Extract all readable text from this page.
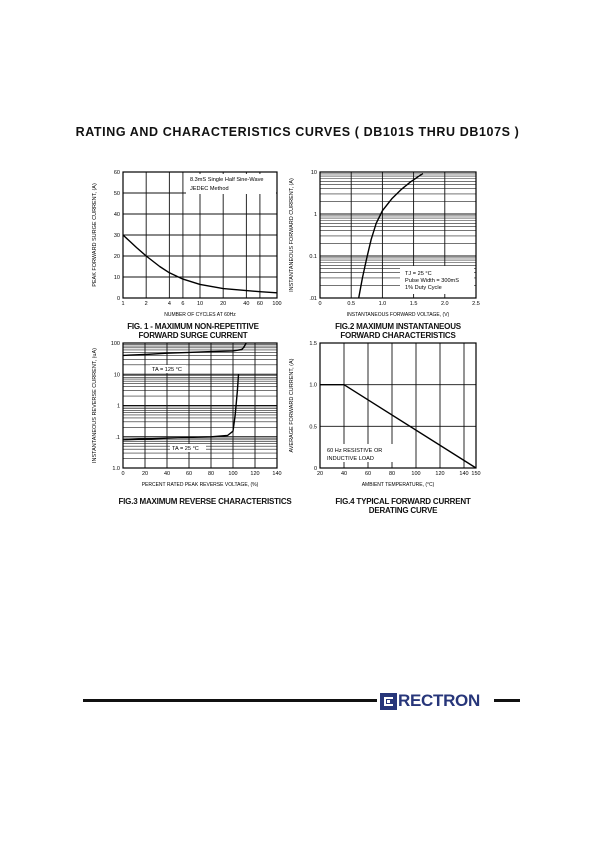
RATING AND CHARACTERISTICS CURVES ( DB101S THRU DB107S )
1	2	4 6 10	20	40 60 100
0
10
20
30
40
50
60
NUMBER OF CYCLES AT 60Hz
PEAK FORWARD SURGE CURRENT, (A)
8.3mS Single Half Sine-Wave
JEDEC Method
0	0.5	1.0	1.5	2.0	2.5
.01
0.1
1
10
INSTANTANEOUS FORWARD VOLTAGE, (V)
INSTANTANEOUS FORWARD CURRENT, (A)	TJ = 25 °C
Pulse Width = 300mS
1% Duty Cycle
0	20	40	60	80	100 120 140
1.0
.1
1
10
100
PERCENT RATED PEAK REVERSE VOLTAGE, (%)
INSTANTANEOUS REVERSE CURRENT, (uA)	TA = 125 °C
TA = 25 °C
20	40	60	80	100	120	140 150
0
0.5
1.0
1.5
AMBIENT TEMPERATURE, (°C)
AVERAGE FORWARD CURRENT, (A)	60 Hz RESISTIVE OR
INDUCTIVE LOAD
FIG. 1 - MAXIMUM NON-REPETITIVE
FORWARD SURGE CURRENT
FIG.2 MAXIMUM INSTANTANEOUS
FORWARD CHARACTERISTICS
FIG.3 MAXIMUM REVERSE CHARACTERISTICS	FIG.4 TYPICAL FORWARD CURRENT
DERATING CURVE
RECTRON
